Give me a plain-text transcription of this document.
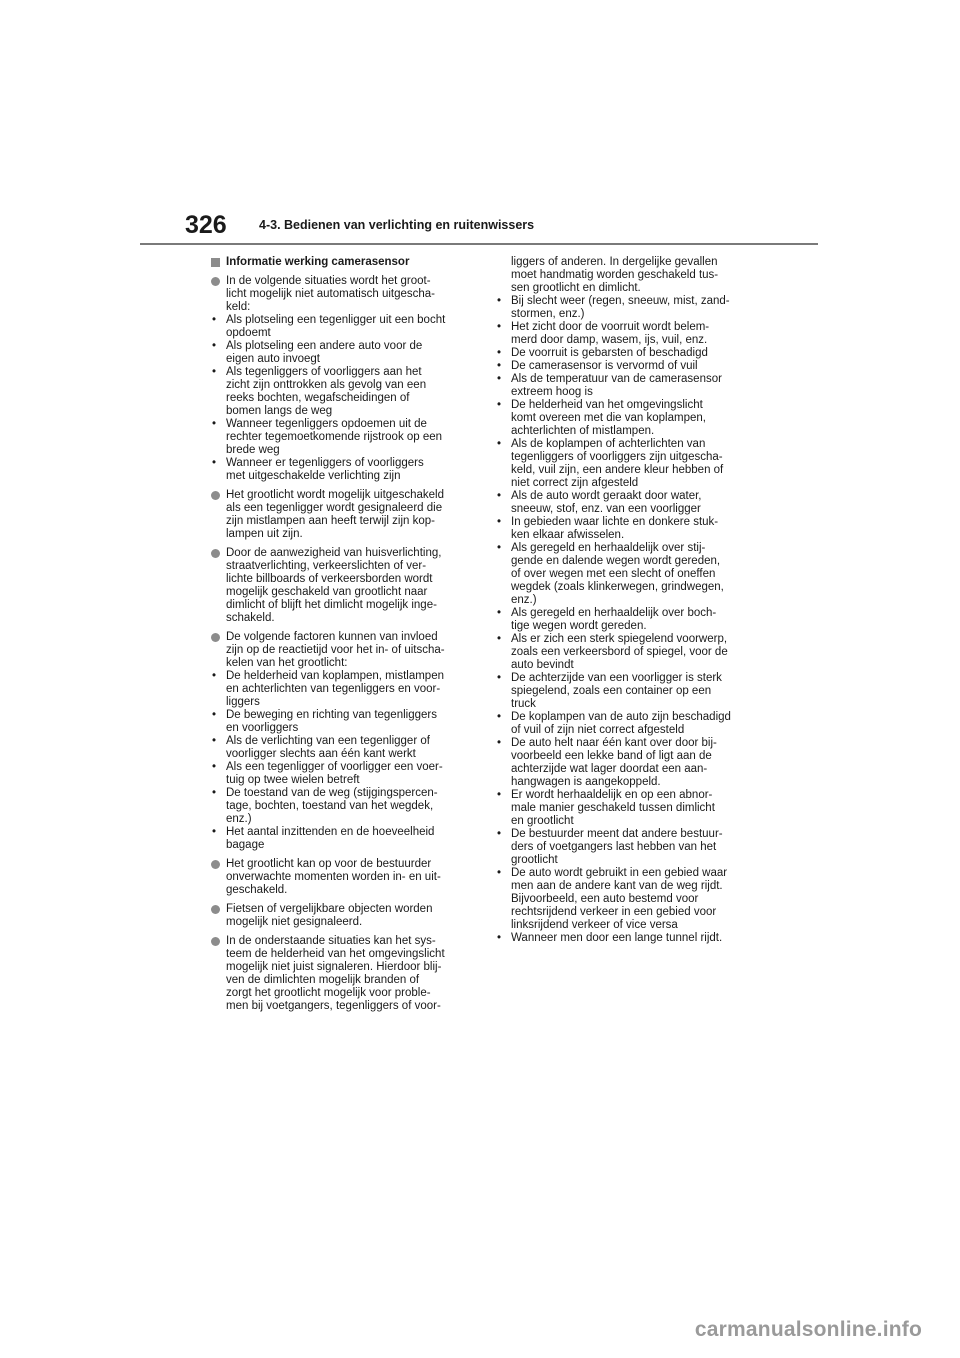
326	4-3. Bedienen van verlichting en ruitenwissers
Informatie werking camerasensor
In de volgende situaties wordt het groot-
licht mogelijk niet automatisch uitgescha-
keld:
• Als plotseling een tegenligger uit een bocht
opdoemt
• Als plotseling een andere auto voor de
eigen auto invoegt
• Als tegenliggers of voorliggers aan het
zicht zijn onttrokken als gevolg van een
reeks bochten, wegafscheidingen of
bomen langs de weg
• Wanneer tegenliggers opdoemen uit de
rechter tegemoetkomende rijstrook op een
brede weg
• Wanneer er tegenliggers of voorliggers
met uitgeschakelde verlichting zijn
Het grootlicht wordt mogelijk uitgeschakeld
als een tegenligger wordt gesignaleerd die
zijn mistlampen aan heeft terwijl zijn kop-
lampen uit zijn.
Door de aanwezigheid van huisverlichting,
straatverlichting, verkeerslichten of ver-
lichte billboards of verkeersborden wordt
mogelijk geschakeld van grootlicht naar
dimlicht of blijft het dimlicht mogelijk inge-
schakeld.
De volgende factoren kunnen van invloed
zijn op de reactietijd voor het in- of uitscha-
kelen van het grootlicht:
• De helderheid van koplampen, mistlampen
en achterlichten van tegenliggers en voor-
liggers
• De beweging en richting van tegenliggers
en voorliggers
• Als de verlichting van een tegenligger of
voorligger slechts aan één kant werkt
• Als een tegenligger of voorligger een voer-
tuig op twee wielen betreft
• De toestand van de weg (stijgingspercen-
tage, bochten, toestand van het wegdek,
enz.)
• Het aantal inzittenden en de hoeveelheid
bagage
Het grootlicht kan op voor de bestuurder
onverwachte momenten worden in- en uit-
geschakeld.
Fietsen of vergelijkbare objecten worden
mogelijk niet gesignaleerd.
In de onderstaande situaties kan het sys-
teem de helderheid van het omgevingslicht
mogelijk niet juist signaleren. Hierdoor blij-
ven de dimlichten mogelijk branden of
zorgt het grootlicht mogelijk voor proble-
men bij voetgangers, tegenliggers of voor-
liggers of anderen. In dergelijke gevallen
moet handmatig worden geschakeld tus-
sen grootlicht en dimlicht.
• Bij slecht weer (regen, sneeuw, mist, zand-
stormen, enz.)
• Het zicht door de voorruit wordt belem-
merd door damp, wasem, ijs, vuil, enz.
• De voorruit is gebarsten of beschadigd
• De camerasensor is vervormd of vuil
• Als de temperatuur van de camerasensor
extreem hoog is
• De helderheid van het omgevingslicht
komt overeen met die van koplampen,
achterlichten of mistlampen.
• Als de koplampen of achterlichten van
tegenliggers of voorliggers zijn uitgescha-
keld, vuil zijn, een andere kleur hebben of
niet correct zijn afgesteld
• Als de auto wordt geraakt door water,
sneeuw, stof, enz. van een voorligger
• In gebieden waar lichte en donkere stuk-
ken elkaar afwisselen.
• Als geregeld en herhaaldelijk over stij-
gende en dalende wegen wordt gereden,
of over wegen met een slecht of oneffen
wegdek (zoals klinkerwegen, grindwegen,
enz.)
• Als geregeld en herhaaldelijk over boch-
tige wegen wordt gereden.
• Als er zich een sterk spiegelend voorwerp,
zoals een verkeersbord of spiegel, voor de
auto bevindt
• De achterzijde van een voorligger is sterk
spiegelend, zoals een container op een
truck
• De koplampen van de auto zijn beschadigd
of vuil of zijn niet correct afgesteld
• De auto helt naar één kant over door bij-
voorbeeld een lekke band of ligt aan de
achterzijde wat lager doordat een aan-
hangwagen is aangekoppeld.
• Er wordt herhaaldelijk en op een abnor-
male manier geschakeld tussen dimlicht
en grootlicht
• De bestuurder meent dat andere bestuur-
ders of voetgangers last hebben van het
grootlicht
• De auto wordt gebruikt in een gebied waar
men aan de andere kant van de weg rijdt.
Bijvoorbeeld, een auto bestemd voor
rechtsrijdend verkeer in een gebied voor
linksrijdend verkeer of vice versa
• Wanneer men door een lange tunnel rijdt.
carmanualsonline.info
